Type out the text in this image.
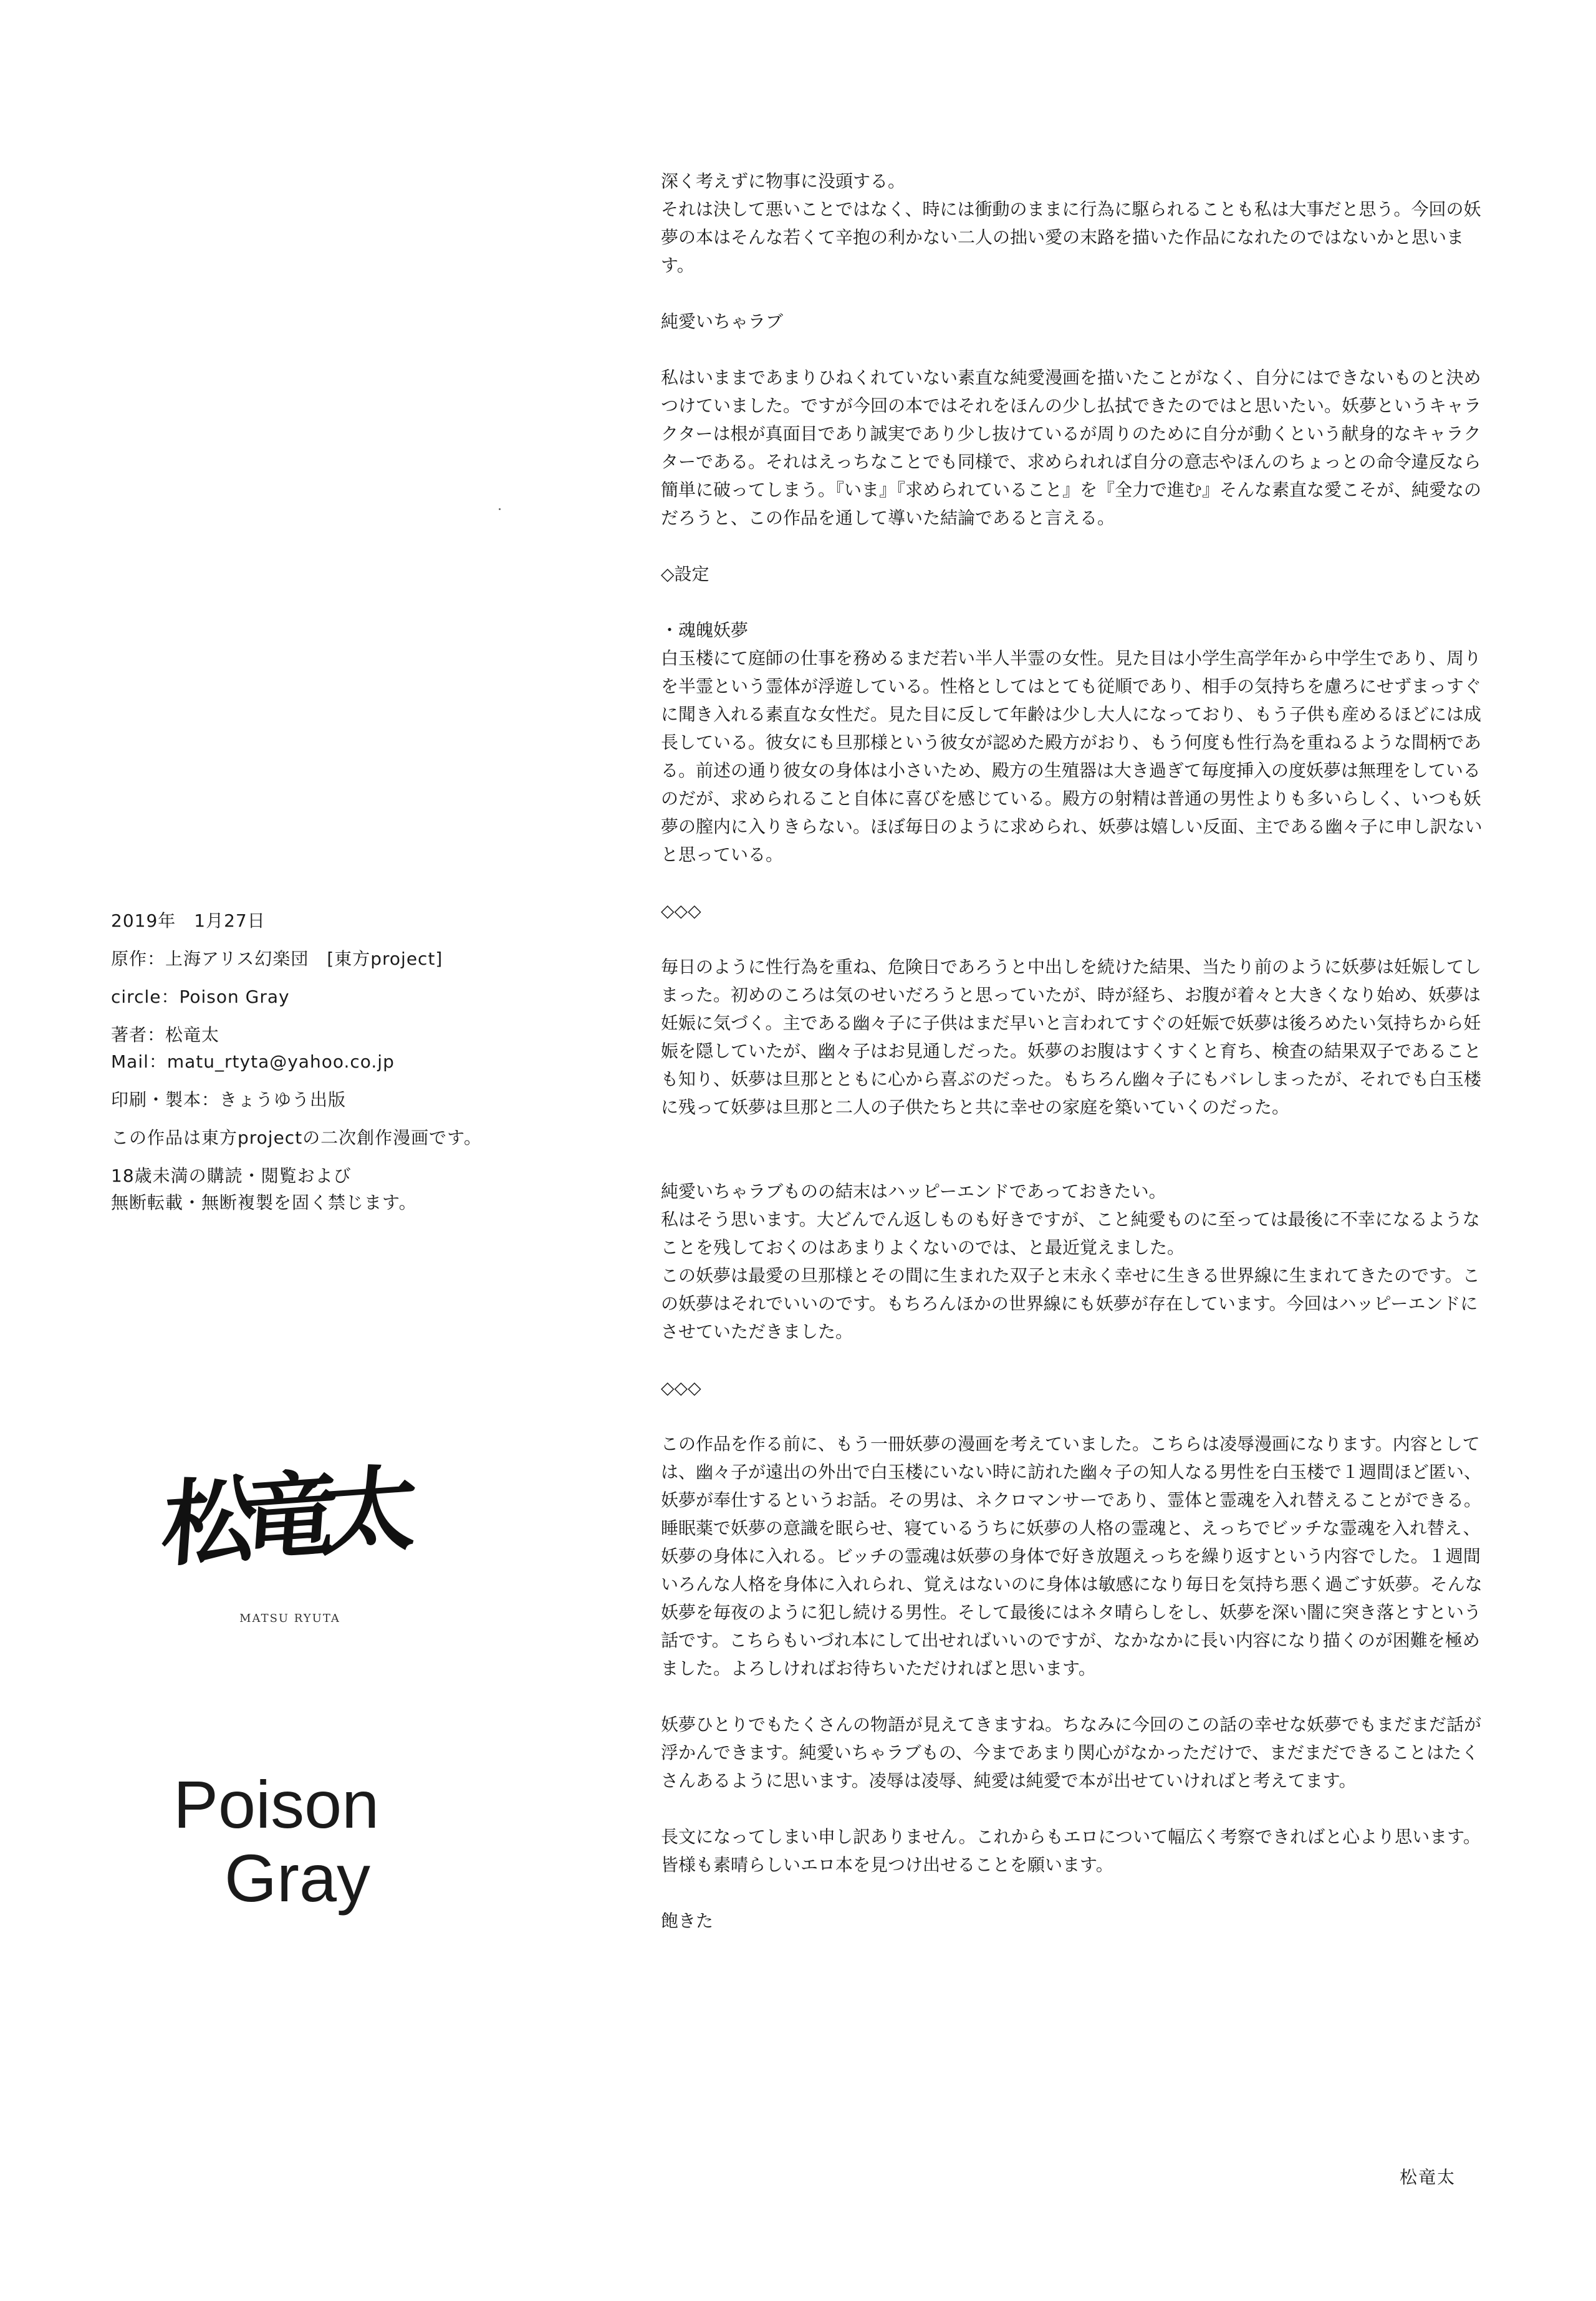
2019年　1月27日
原作：上海アリス幻楽団　[東方project]
circle：Poison Gray
著者：松竜太
Mail：matu_rtyta@yahoo.co.jp
印刷・製本：きょうゆう出版
この作品は東方projectの二次創作漫画です。
18歳未満の購読・閲覧および
無断転載・無断複製を固く禁じます。
松竜太
MATSU RYUTA
Poison
Gray

深く考えずに物事に没頭する。
それは決して悪いことではなく、時には衝動のままに行為に駆られることも私は大事だと思う。今回の妖夢の本はそんな若くて辛抱の利かない二人の拙い愛の末路を描いた作品になれたのではないかと思います。

純愛いちゃラブ

私はいままであまりひねくれていない素直な純愛漫画を描いたことがなく、自分にはできないものと決めつけていました。ですが今回の本ではそれをほんの少し払拭できたのではと思いたい。妖夢というキャラクターは根が真面目であり誠実であり少し抜けているが周りのために自分が動くという献身的なキャラクターである。それはえっちなことでも同様で、求められれば自分の意志やほんのちょっとの命令違反なら簡単に破ってしまう。『いま』『求められていること』を『全力で進む』そんな素直な愛こそが、純愛なのだろうと、この作品を通して導いた結論であると言える。

◇設定

・魂魄妖夢

白玉楼にて庭師の仕事を務めるまだ若い半人半霊の女性。見た目は小学生高学年から中学生であり、周りを半霊という霊体が浮遊している。性格としてはとても従順であり、相手の気持ちを慮ろにせずまっすぐに聞き入れる素直な女性だ。見た目に反して年齢は少し大人になっており、もう子供も産めるほどには成長している。彼女にも旦那様という彼女が認めた殿方がおり、もう何度も性行為を重ねるような間柄である。前述の通り彼女の身体は小さいため、殿方の生殖器は大き過ぎて毎度挿入の度妖夢は無理をしているのだが、求められること自体に喜びを感じている。殿方の射精は普通の男性よりも多いらしく、いつも妖夢の膣内に入りきらない。ほぼ毎日のように求められ、妖夢は嬉しい反面、主である幽々子に申し訳ないと思っている。

◇◇◇

毎日のように性行為を重ね、危険日であろうと中出しを続けた結果、当たり前のように妖夢は妊娠してしまった。初めのころは気のせいだろうと思っていたが、時が経ち、お腹が着々と大きくなり始め、妖夢は妊娠に気づく。主である幽々子に子供はまだ早いと言われてすぐの妊娠で妖夢は後ろめたい気持ちから妊娠を隠していたが、幽々子はお見通しだった。妖夢のお腹はすくすくと育ち、検査の結果双子であることも知り、妖夢は旦那とともに心から喜ぶのだった。もちろん幽々子にもバレしまったが、それでも白玉楼に残って妖夢は旦那と二人の子供たちと共に幸せの家庭を築いていくのだった。

純愛いちゃラブものの結末はハッピーエンドであっておきたい。
私はそう思います。大どんでん返しものも好きですが、こと純愛ものに至っては最後に不幸になるようなことを残しておくのはあまりよくないのでは、と最近覚えました。
この妖夢は最愛の旦那様とその間に生まれた双子と末永く幸せに生きる世界線に生まれてきたのです。この妖夢はそれでいいのです。もちろんほかの世界線にも妖夢が存在しています。今回はハッピーエンドにさせていただきました。

◇◇◇

この作品を作る前に、もう一冊妖夢の漫画を考えていました。こちらは凌辱漫画になります。内容としては、幽々子が遠出の外出で白玉楼にいない時に訪れた幽々子の知人なる男性を白玉楼で１週間ほど匿い、妖夢が奉仕するというお話。その男は、ネクロマンサーであり、霊体と霊魂を入れ替えることができる。睡眠薬で妖夢の意識を眠らせ、寝ているうちに妖夢の人格の霊魂と、えっちでビッチな霊魂を入れ替え、妖夢の身体に入れる。ビッチの霊魂は妖夢の身体で好き放題えっちを繰り返すという内容でした。１週間いろんな人格を身体に入れられ、覚えはないのに身体は敏感になり毎日を気持ち悪く過ごす妖夢。そんな妖夢を毎夜のように犯し続ける男性。そして最後にはネタ晴らしをし、妖夢を深い闇に突き落とすという話です。こちらもいづれ本にして出せればいいのですが、なかなかに長い内容になり描くのが困難を極めました。よろしければお待ちいただければと思います。

妖夢ひとりでもたくさんの物語が見えてきますね。ちなみに今回のこの話の幸せな妖夢でもまだまだ話が浮かんできます。純愛いちゃラブもの、今まであまり関心がなかっただけで、まだまだできることはたくさんあるように思います。凌辱は凌辱、純愛は純愛で本が出せていければと考えてます。

長文になってしまい申し訳ありません。これからもエロについて幅広く考察できればと心より思います。皆様も素晴らしいエロ本を見つけ出せることを願います。

飽きた

松竜太
